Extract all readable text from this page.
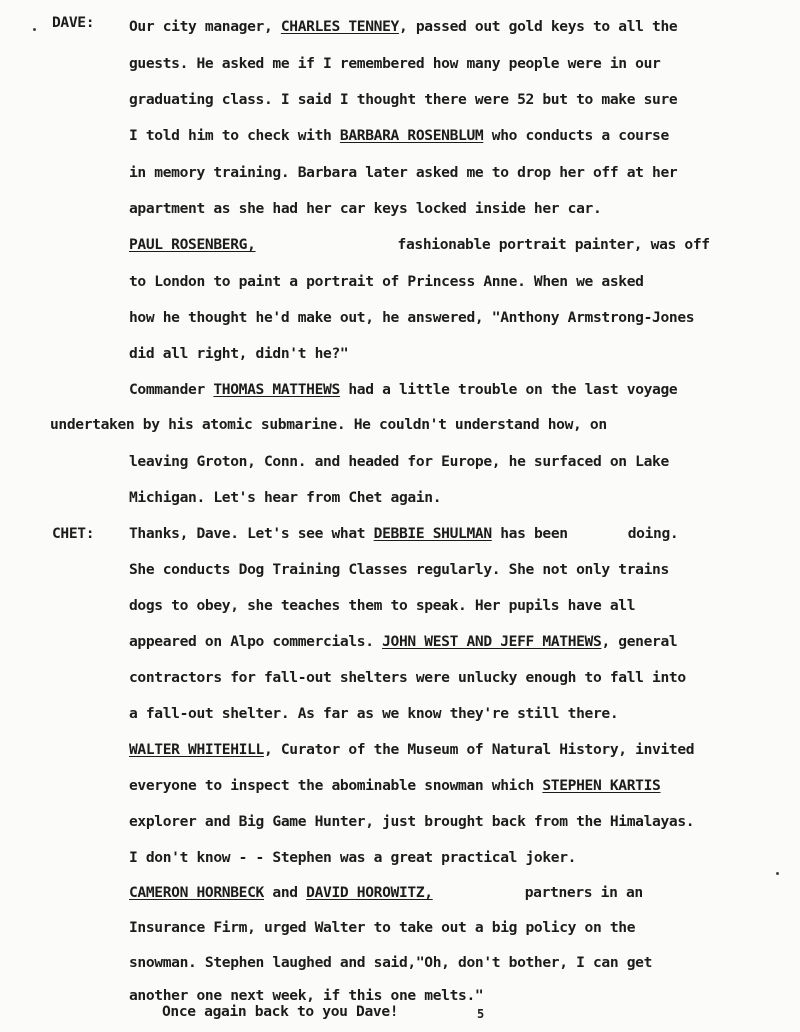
DAVE:
CHET:
Our city manager, CHARLES TENNEY, passed out gold keys to all the
guests. He asked me if I remembered how many people were in our
graduating class. I said I thought there were 52 but to make sure
I told him to check with BARBARA ROSENBLUM who conducts a course
in memory training. Barbara later asked me to drop her off at her
apartment as she had her car keys locked inside her car.
PAUL ROSENBERG,	fashionable portrait painter, was off
to London to paint a portrait of Princess Anne. When we asked
how he thought he'd make out, he answered, "Anthony Armstrong-Jones
did all right, didn't he?"
Commander THOMAS MATTHEWS had a little trouble on the last voyage
undertaken by his atomic submarine. He couldn't understand how, on
leaving Groton, Conn. and headed for Europe, he surfaced on Lake
Michigan. Let's hear from Chet again.
Thanks, Dave. Let's see what DEBBIE SHULMAN has been	doing.
She conducts Dog Training Classes regularly. She not only trains
dogs to obey, she teaches them to speak. Her pupils have all
appeared on Alpo commercials. JOHN WEST AND JEFF MATHEWS, general
contractors for fall-out shelters were unlucky enough to fall into
a fall-out shelter. As far as we know they're still there.
WALTER WHITEHILL, Curator of the Museum of Natural History, invited
everyone to inspect the abominable snowman which STEPHEN KARTIS
explorer and Big Game Hunter, just brought back from the Himalayas.
I don't know - - Stephen was a great practical joker.
CAMERON HORNBECK and DAVID HOROWITZ,	partners in an
Insurance Firm, urged Walter to take out a big policy on the
snowman. Stephen laughed and said,"Oh, don't bother, I can get
another one next week, if this one melts."
Once again back to you Dave!	5
